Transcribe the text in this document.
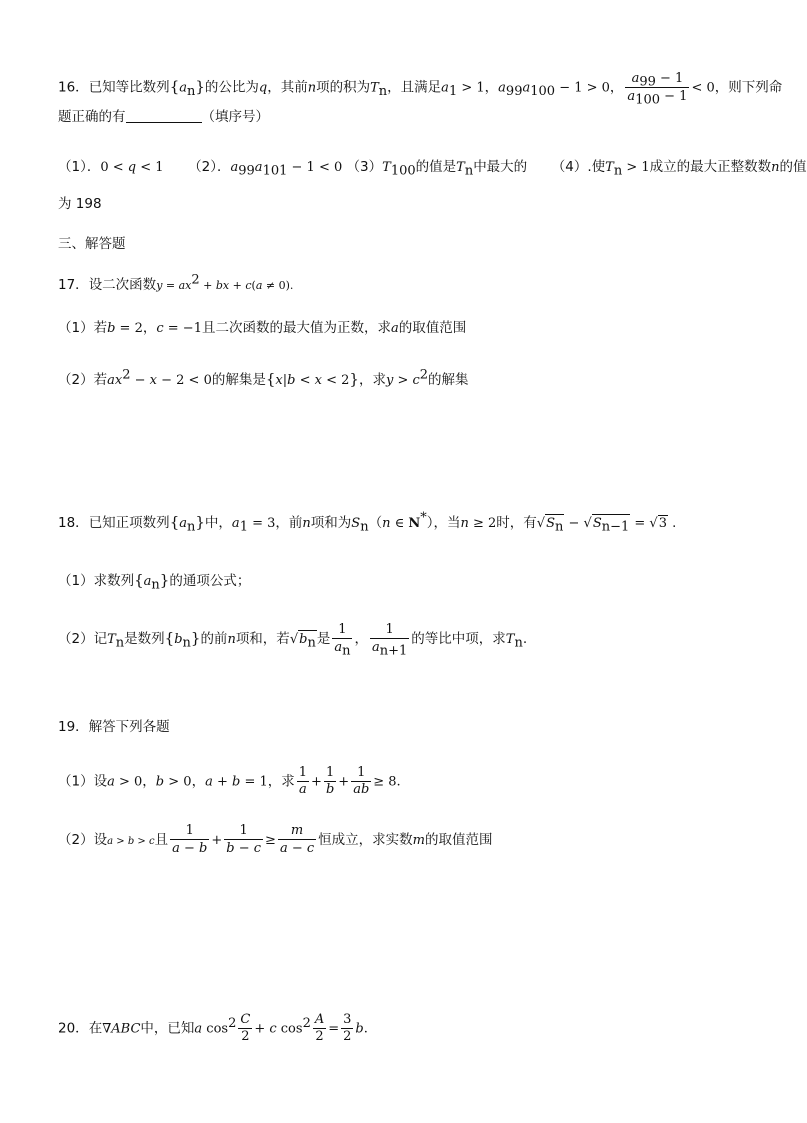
16．已知等比数列$\{a_n\}$的公比为q，其前n项的积为$T_n$，且满足$a_1 > 1$，$a_{99}a_{100} - 1 > 0$， $\frac{a_{99} - 1}{a_{100} - 1} < 0$，则下列命
题正确的有	（填序号）
（1）．0 < q < 1 （2）．$a_{99}a_{101} - 1 < 0$ $(3)T_{100}$的值是$T_n$中最大的 （4）.使$T_n > 1$成立的最大正整数数n的值
为 198
三、解答题
17．设二次函数$y = ax^2$ + bx + c(a ≠ 0).
（1）若b = 2，c = −1且二次函数的最大值为正数，求a的取值范围
（2）若$ax^2 - x - 2 < 0$的解集是{x|b < x < 2}，求$y > c^2$的解集
18．已知正项数列$\{a_n\}$中，$a_1 = 3$，前n项和为$S_n(n$ ∈ N*），当n ≥ 2时，有$√S_n - √S_{n-1} = √3$ .
（1）求数列$\{a_n\}$的通项公式；
（2）记$T_n$是数列$\{b_n\}$的前n项和，若$√b_n$是 $\frac{1}{a_n}$ ， $\frac{1}{a_{n+1}}$ 的等比中项，求$T_n$.
19．解答下列各题
（1）设a > 0，b > 0，a + b = 1，求 $\frac{1}{a} + \frac{1}{b} + \frac{1}{ab} \ge 8$.
（2）设a > b > c且 $\frac{1}{a - b} + \frac{1}{b - c} \ge \frac{m}{a - c}$ 恒成立，求实数m的取值范围
20．在∇ABC中，已知a $\cos^2 \frac{C}{2} + c$ $\cos^2 \frac{A}{2} = \frac{3}{2} b$.
